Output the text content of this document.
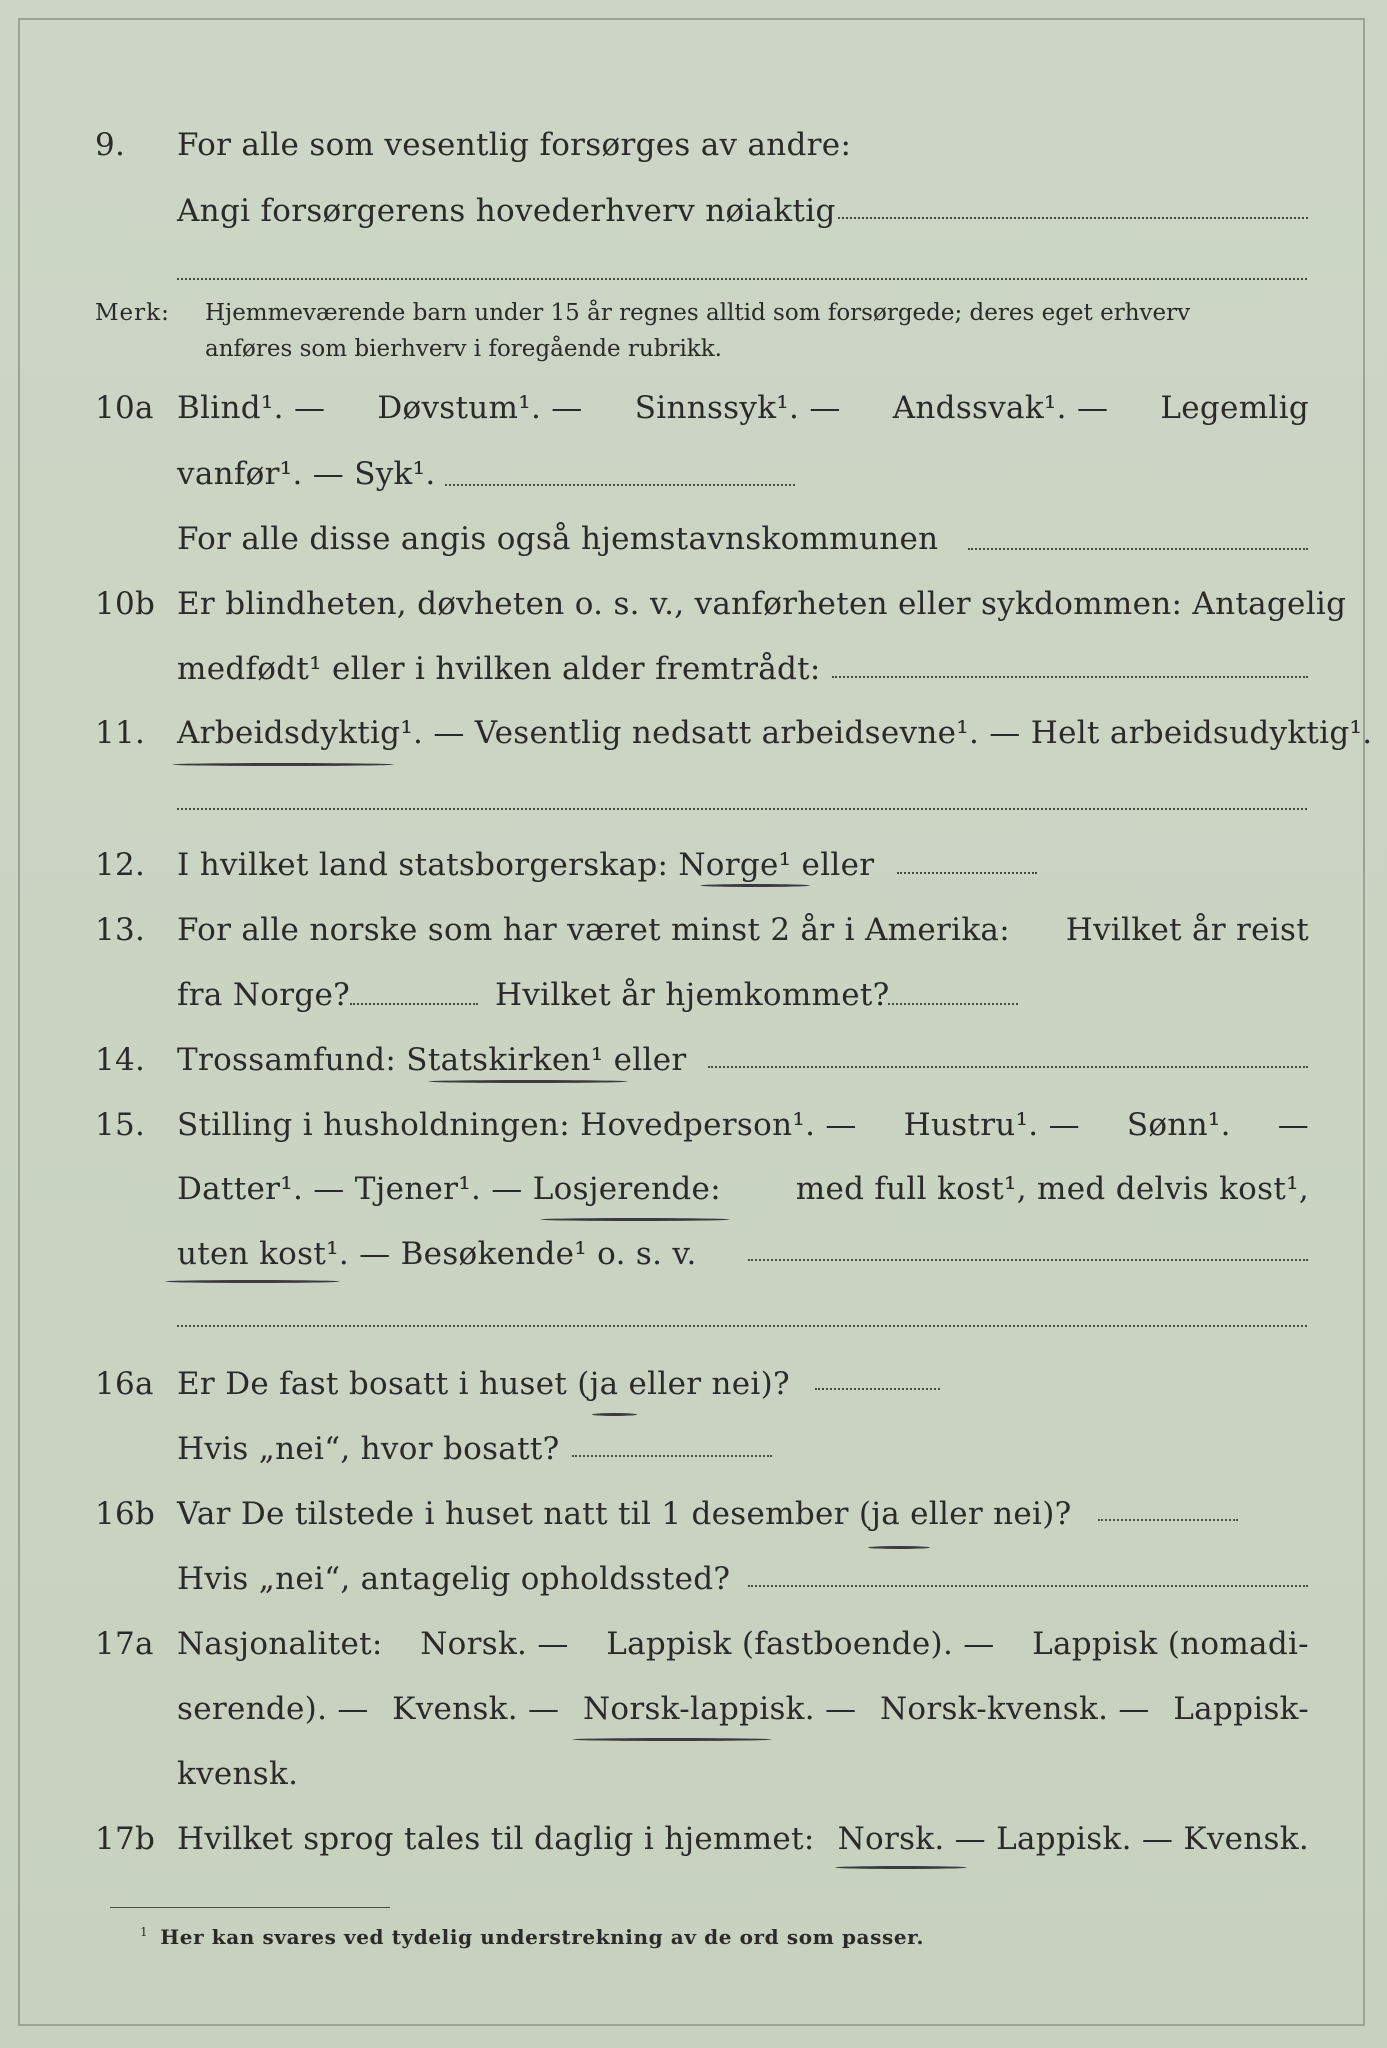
9. For alle som vesentlig forsørges av andre:
Angi forsørgerens hovederhverv nøiaktig
Merk: Hjemmeværende barn under 15 år regnes alltid som forsørgede; deres eget erhverv
anføres som bierhverv i foregående rubrikk.
10a Blind¹. — Døvstum¹. — Sinnssyk¹. — Andssvak¹. — Legemlig
vanfør¹. — Syk¹.
For alle disse angis også hjemstavnskommunen
10b Er blindheten, døvheten o. s. v., vanførheten eller sykdommen: Antagelig
medfødt¹ eller i hvilken alder fremtrådt:
11. Arbeidsdyktig¹. — Vesentlig nedsatt arbeidsevne¹. — Helt arbeidsudyktig¹.
12. I hvilket land statsborgerskap: Norge¹ eller
13. For alle norske som har været minst 2 år i Amerika: Hvilket år reist
fra Norge?	Hvilket år hjemkommet?
14. Trossamfund: Statskirken¹ eller
15. Stilling i husholdningen: Hovedperson¹. — Hustru¹. — Sønn¹. —
Datter¹. — Tjener¹. — Losjerende: med full kost¹, med delvis kost¹,
uten kost¹. — Besøkende¹ o. s. v.
16a Er De fast bosatt i huset (ja eller nei)?
Hvis „nei“, hvor bosatt?
16b Var De tilstede i huset natt til 1 desember (ja eller nei)?
Hvis „nei“, antagelig opholdssted?
17a Nasjonalitet: Norsk. — Lappisk (fastboende). — Lappisk (nomadi-
serende). — Kvensk. — Norsk-lappisk. — Norsk-kvensk. — Lappisk-
kvensk.
17b Hvilket sprog tales til daglig i hjemmet: Norsk. — Lappisk. — Kvensk.
$^1$ Her kan svares ved tydelig understrekning av de ord som passer.
